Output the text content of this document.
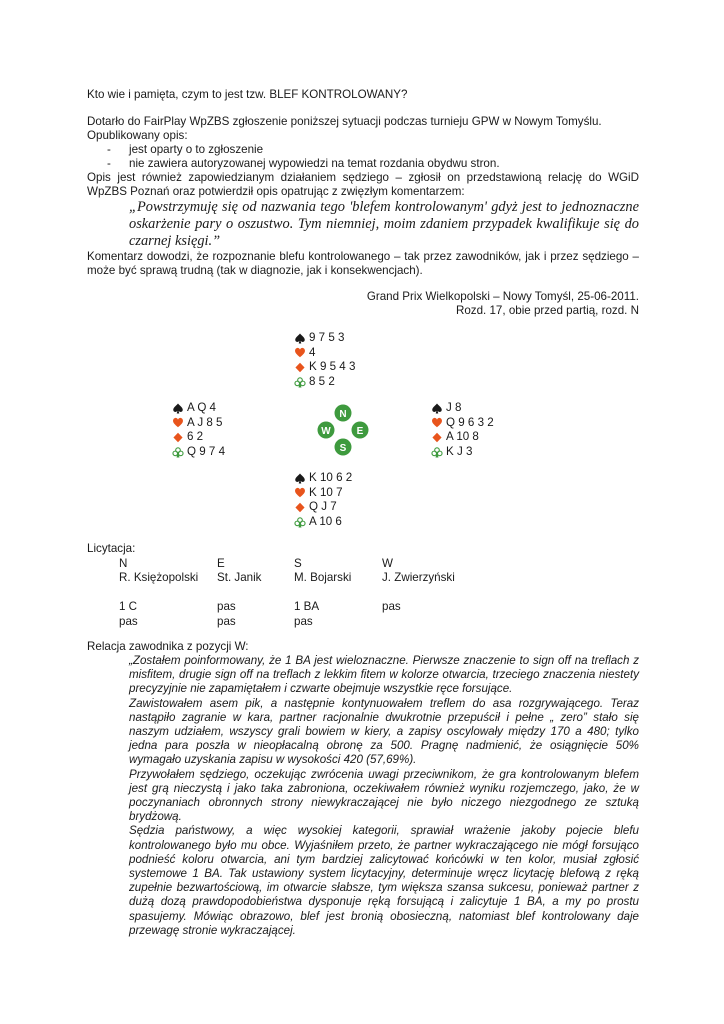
Kto wie i pamięta, czym to jest tzw. BLEF KONTROLOWANY?

Dotarło do FairPlay WpZBS zgłoszenie poniższej sytuacji podczas turnieju GPW w Nowym Tomyślu.

Opublikowany opis:

-	jest oparty o to zgłoszenie
-	nie zawiera autoryzowanej wypowiedzi na temat rozdania obydwu stron.

Opis jest również zapowiedzianym działaniem sędziego – zgłosił on przedstawioną relację do WGiD WpZBS Poznań oraz potwierdził opis opatrując z zwięzłym komentarzem:

„Powstrzymuję się od nazwania tego 'blefem kontrolowanym' gdyż jest to jednoznaczne oskarżenie pary o oszustwo. Tym niemniej, moim zdaniem przypadek kwalifikuje się do czarnej księgi.”

Komentarz dowodzi, że rozpoznanie blefu kontrolowanego – tak przez zawodników, jak i przez sędziego – może być sprawą trudną (tak w diagnozie, jak i konsekwencjach).

Grand Prix Wielkopolski – Nowy Tomyśl, 25-06-2011.

Rozd. 17, obie przed partią, rozd. N

9 7 5 3
4
K 9 5 4 3
8 5 2
A Q 4
A J 8 5
6 2
Q 9 7 4
N
W	E
S
J 8
Q 9 6 3 2
A 10 8
K J 3
K 10 6 2
K 10 7
Q J 7
A 10 6

Licytacja:

N	E	S	W
R. Księżopolski	St. Janik	M. Bojarski	J. Zwierzyński
1 C	pas	1 BA	pas
pas	pas	pas

Relacja zawodnika z pozycji W:

„Zostałem poinformowany, że 1 BA jest wieloznaczne. Pierwsze znaczenie to sign off na treflach z misfitem, drugie sign off na treflach z lekkim fitem w kolorze otwarcia, trzeciego znaczenia niestety precyzyjnie nie zapamiętałem i czwarte obejmuje wszystkie ręce forsujące.

Zawistowałem asem pik, a następnie kontynuowałem treflem do asa rozgrywającego. Teraz nastąpiło zagranie w kara, partner racjonalnie dwukrotnie przepuścił i pełne „ zero” stało się naszym udziałem, wszyscy grali bowiem w kiery, a zapisy oscylowały między 170 a 480; tylko jedna para poszła w nieopłacalną obronę za 500. Pragnę nadmienić, że osiągnięcie 50% wymagało uzyskania zapisu w wysokości 420 (57,69%).

Przywołałem sędziego, oczekując zwrócenia uwagi przeciwnikom, że gra kontrolowanym blefem jest grą nieczystą i jako taka zabroniona, oczekiwałem również wyniku rozjemczego, jako, że w poczynaniach obronnych strony niewykraczającej nie było niczego niezgodnego ze sztuką brydżową.

Sędzia państwowy, a więc wysokiej kategorii, sprawiał wrażenie jakoby pojecie blefu kontrolowanego było mu obce. Wyjaśniłem przeto, że partner wykraczającego nie mógł forsująco podnieść koloru otwarcia, ani tym bardziej zalicytować końcówki w ten kolor, musiał zgłosić systemowe 1 BA. Tak ustawiony system licytacyjny, determinuje wręcz licytację blefową z ręką zupełnie bezwartościową, im otwarcie słabsze, tym większa szansa sukcesu, ponieważ partner z dużą dozą prawdopodobieństwa dysponuje ręką forsującą i zalicytuje 1 BA, a my po prostu spasujemy. Mówiąc obrazowo, blef jest bronią obosieczną, natomiast blef kontrolowany daje przewagę stronie wykraczającej.
